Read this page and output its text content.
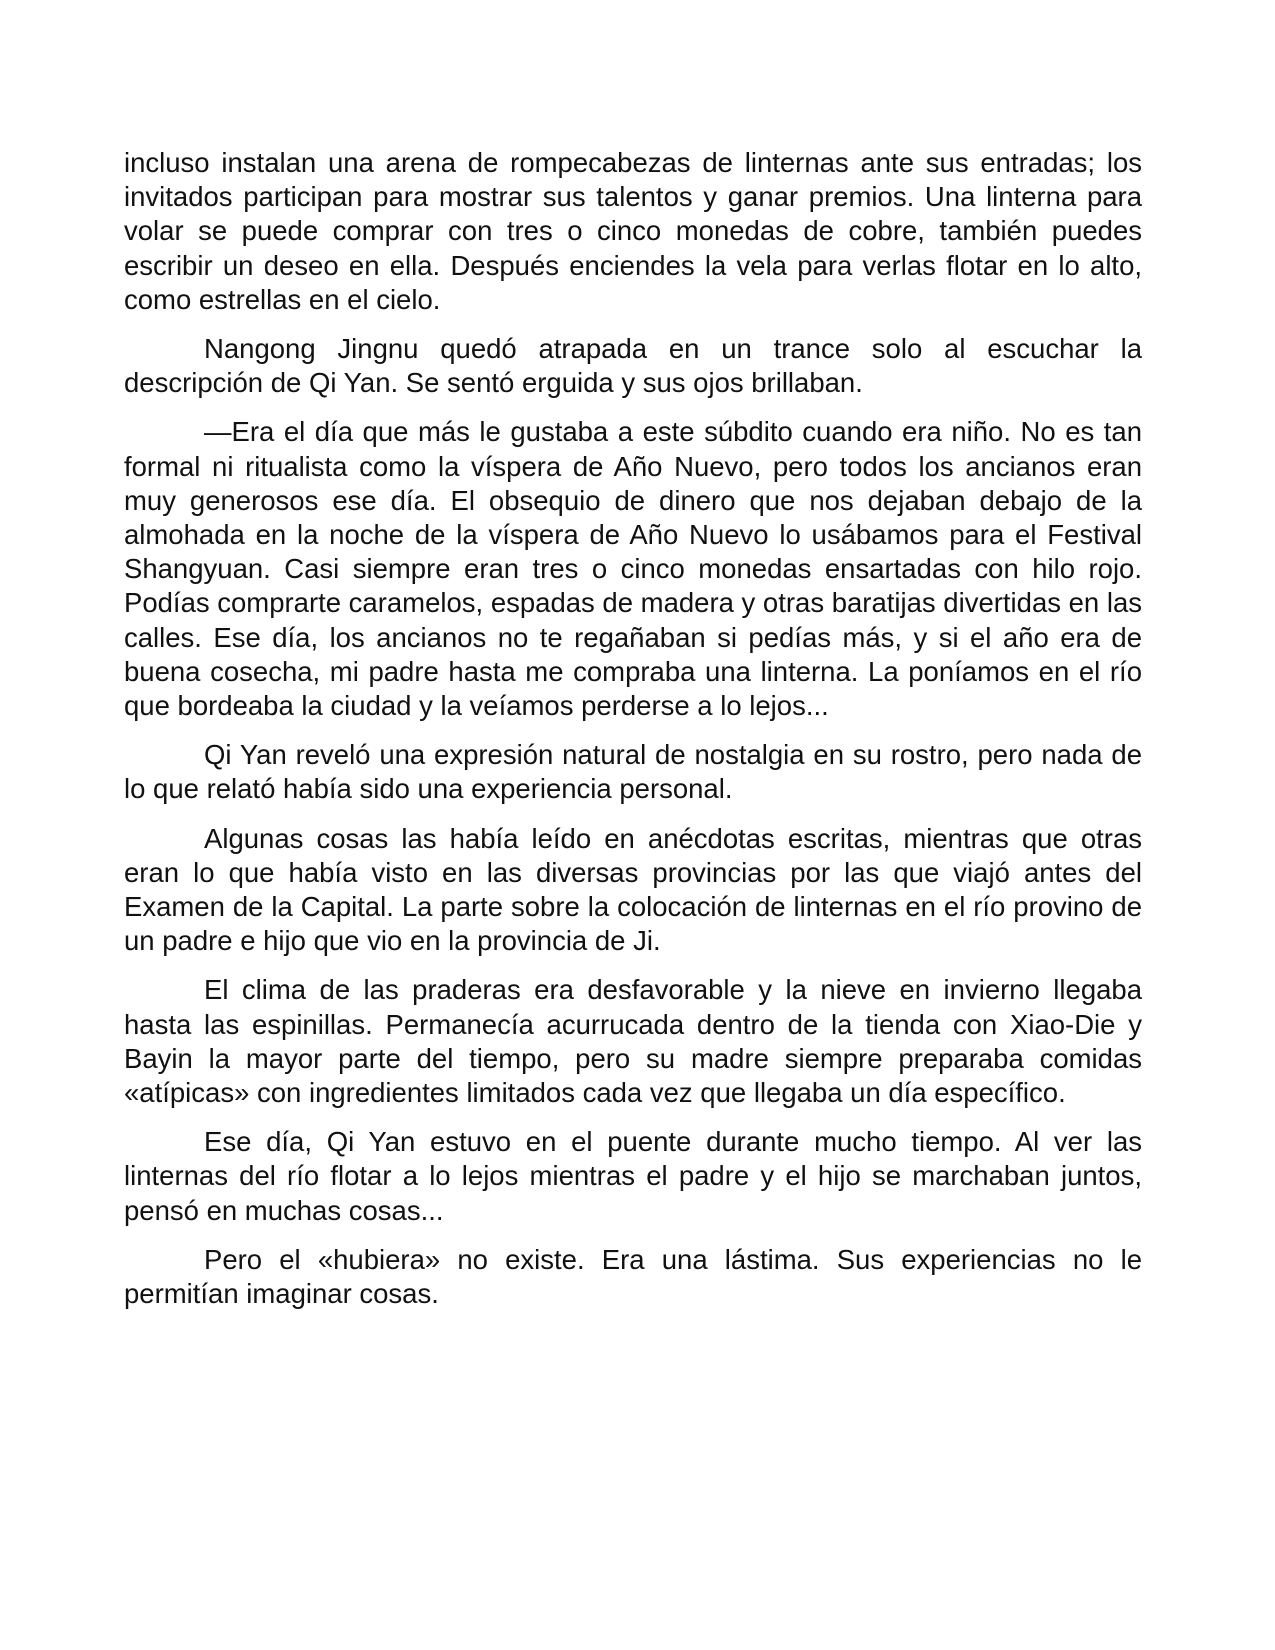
incluso instalan una arena de rompecabezas de linternas ante sus entradas; los invitados participan para mostrar sus talentos y ganar premios. Una linterna para volar se puede comprar con tres o cinco monedas de cobre, también puedes escribir un deseo en ella. Después enciendes la vela para verlas flotar en lo alto, como estrellas en el cielo.

Nangong Jingnu quedó atrapada en un trance solo al escuchar la descripción de Qi Yan. Se sentó erguida y sus ojos brillaban.

—Era el día que más le gustaba a este súbdito cuando era niño. No es tan formal ni ritualista como la víspera de Año Nuevo, pero todos los ancianos eran muy generosos ese día. El obsequio de dinero que nos dejaban debajo de la almohada en la noche de la víspera de Año Nuevo lo usábamos para el Festival Shangyuan. Casi siempre eran tres o cinco monedas ensartadas con hilo rojo. Podías comprarte caramelos, espadas de madera y otras baratijas divertidas en las calles. Ese día, los ancianos no te regañaban si pedías más, y si el año era de buena cosecha, mi padre hasta me compraba una linterna. La poníamos en el río que bordeaba la ciudad y la veíamos perderse a lo lejos...

Qi Yan reveló una expresión natural de nostalgia en su rostro, pero nada de lo que relató había sido una experiencia personal.

Algunas cosas las había leído en anécdotas escritas, mientras que otras eran lo que había visto en las diversas provincias por las que viajó antes del Examen de la Capital. La parte sobre la colocación de linternas en el río provino de un padre e hijo que vio en la provincia de Ji.

El clima de las praderas era desfavorable y la nieve en invierno llegaba hasta las espinillas. Permanecía acurrucada dentro de la tienda con Xiao-Die y Bayin la mayor parte del tiempo, pero su madre siempre preparaba comidas «atípicas» con ingredientes limitados cada vez que llegaba un día específico.

Ese día, Qi Yan estuvo en el puente durante mucho tiempo. Al ver las linternas del río flotar a lo lejos mientras el padre y el hijo se marchaban juntos, pensó en muchas cosas...

Pero el «hubiera» no existe. Era una lástima. Sus experiencias no le permitían imaginar cosas.
